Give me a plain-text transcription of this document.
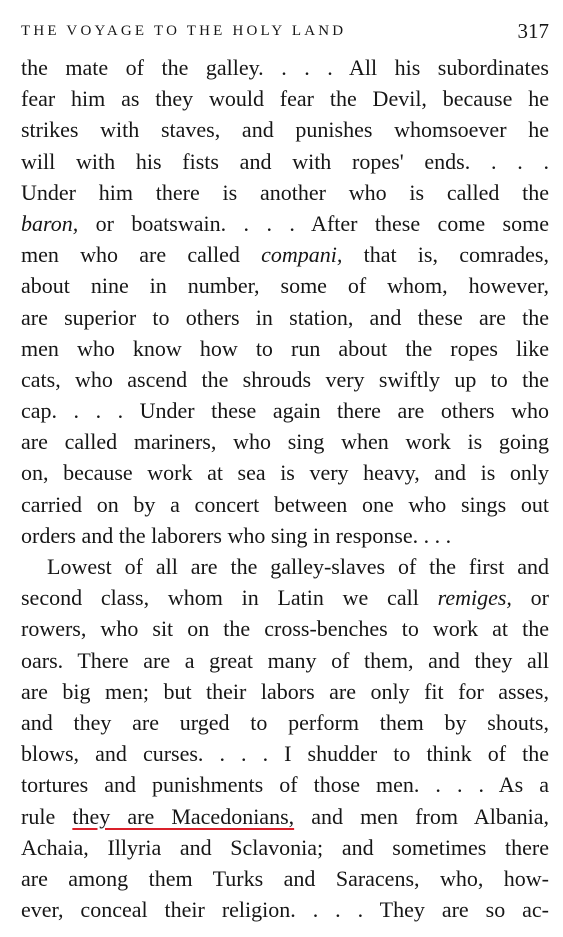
THE VOYAGE TO THE HOLY LAND	317
the mate of the galley. . . . All his subordinates
fear him as they would fear the Devil, because he
strikes with staves, and punishes whomsoever he
will with his fists and with ropes' ends. . . .
Under him there is another who is called the
baron, or boatswain. . . . After these come some
men who are called compani, that is, comrades,
about nine in number, some of whom, however,
are superior to others in station, and these are the
men who know how to run about the ropes like
cats, who ascend the shrouds very swiftly up to the
cap. . . . Under these again there are others who
are called mariners, who sing when work is going
on, because work at sea is very heavy, and is only
carried on by a concert between one who sings out
orders and the laborers who sing in response. . . .
Lowest of all are the galley-slaves of the first and
second class, whom in Latin we call remiges, or
rowers, who sit on the cross-benches to work at the
oars. There are a great many of them, and they all
are big men; but their labors are only fit for asses,
and they are urged to perform them by shouts,
blows, and curses. . . . I shudder to think of the
tortures and punishments of those men. . . . As a
rule they are Macedonians, and men from Albania,
Achaia, Illyria and Sclavonia; and sometimes there
are among them Turks and Saracens, who, how-
ever, conceal their religion. . . . They are so ac-
